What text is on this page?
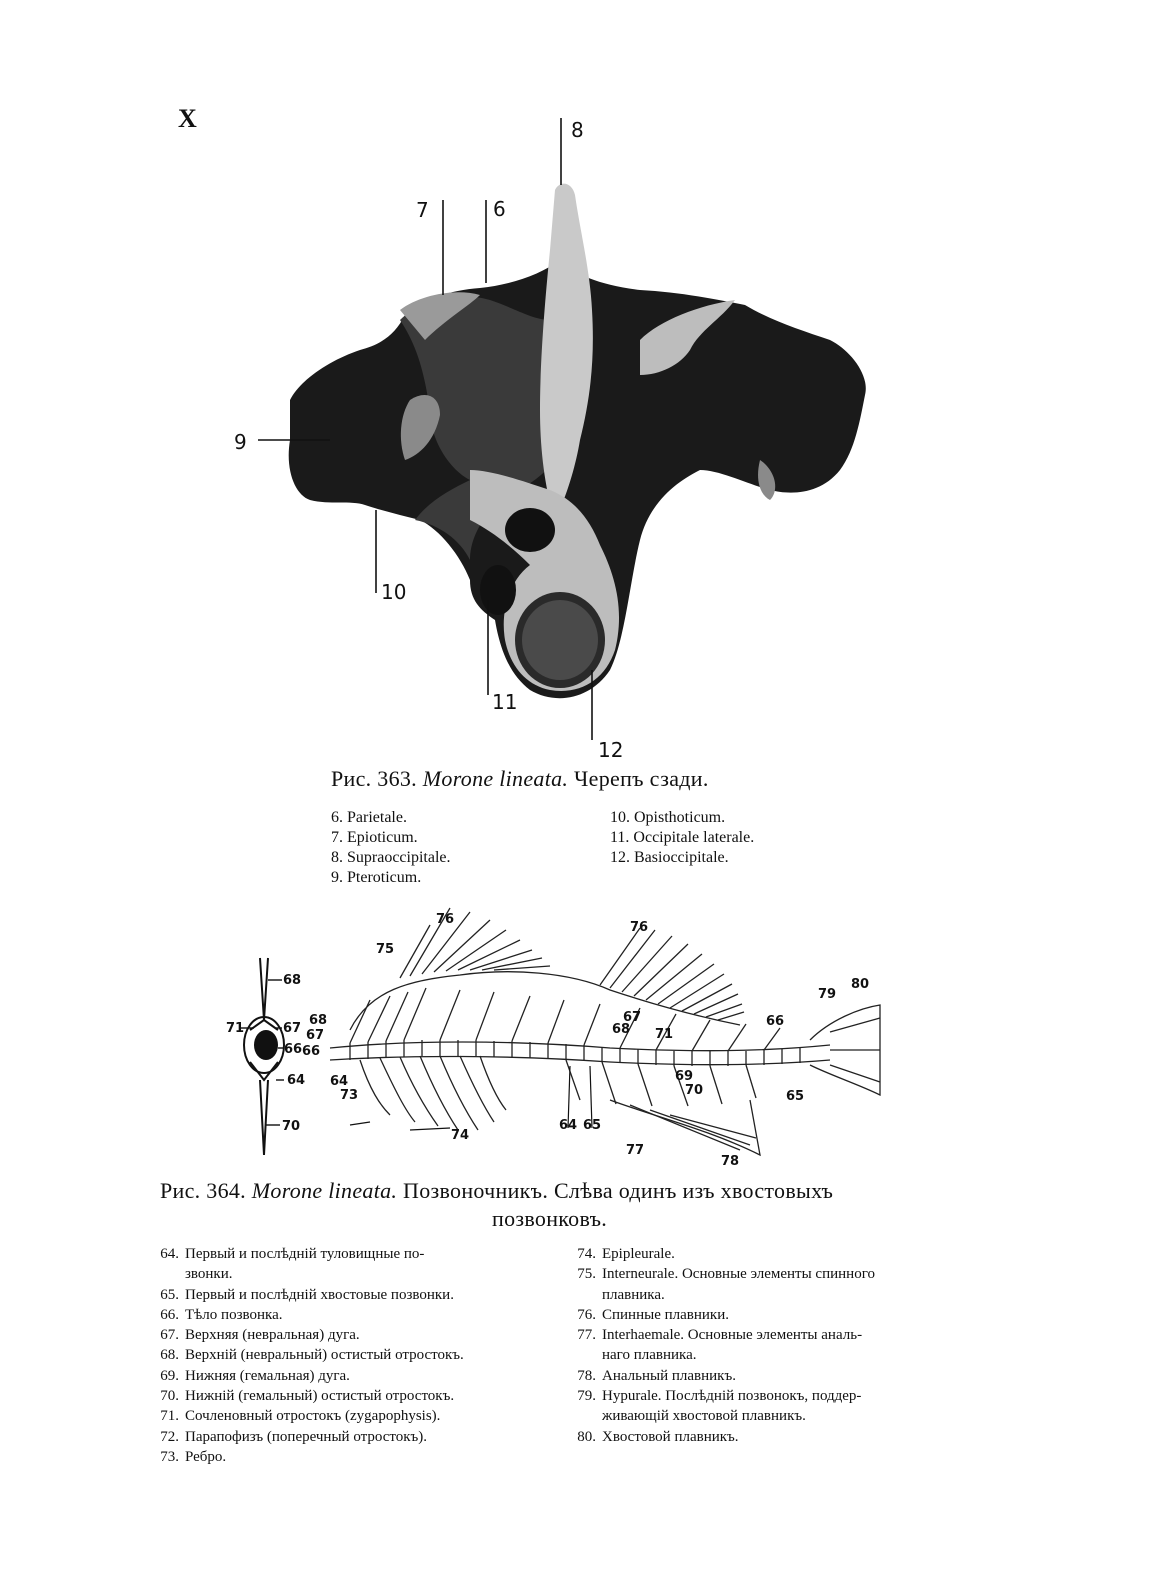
X	8
7	6
9
10
11
12
Рис. 363. Morone lineata. Черепъ сзади.
6. Parietale.
7. Epioticum.
8. Supraoccipitale.
9. Pteroticum.
10. Opisthoticum.
11. Occipitale laterale.
12. Basioccipitale.
68
71	67
66
64
70
76
75
76
68
67
66
79
80
66
67
68 71
69
70
73
74
64 65
64
77
78
65
Рис. 364. Morone lineata. Позвоночникъ. Слѣва одинъ изъ хвостовыхъ
позвонковъ.
64. Первый и послѣдній туловищные по-
звонки.
65. Первый и послѣдній хвостовые позвонки.
66. Тѣло позвонка.
67. Верхняя (невральная) дуга.
68. Верхній (невральный) остистый отростокъ.
69. Нижняя (гемальная) дуга.
70. Нижній (гемальный) остистый отростокъ.
71. Сочленовный отростокъ (zygapophysis).
72. Парапофизъ (поперечный отростокъ).
73. Ребро.
74. Epipleurale.
75. Interneurale. Основные элементы спинного
плавника.
76. Спинные плавники.
77. Interhaemale. Основные элементы аналь-
наго плавника.
78. Анальный плавникъ.
79. Hypurale. Послѣдній позвонокъ, поддер-
живающій хвостовой плавникъ.
80. Хвостовой плавникъ.
